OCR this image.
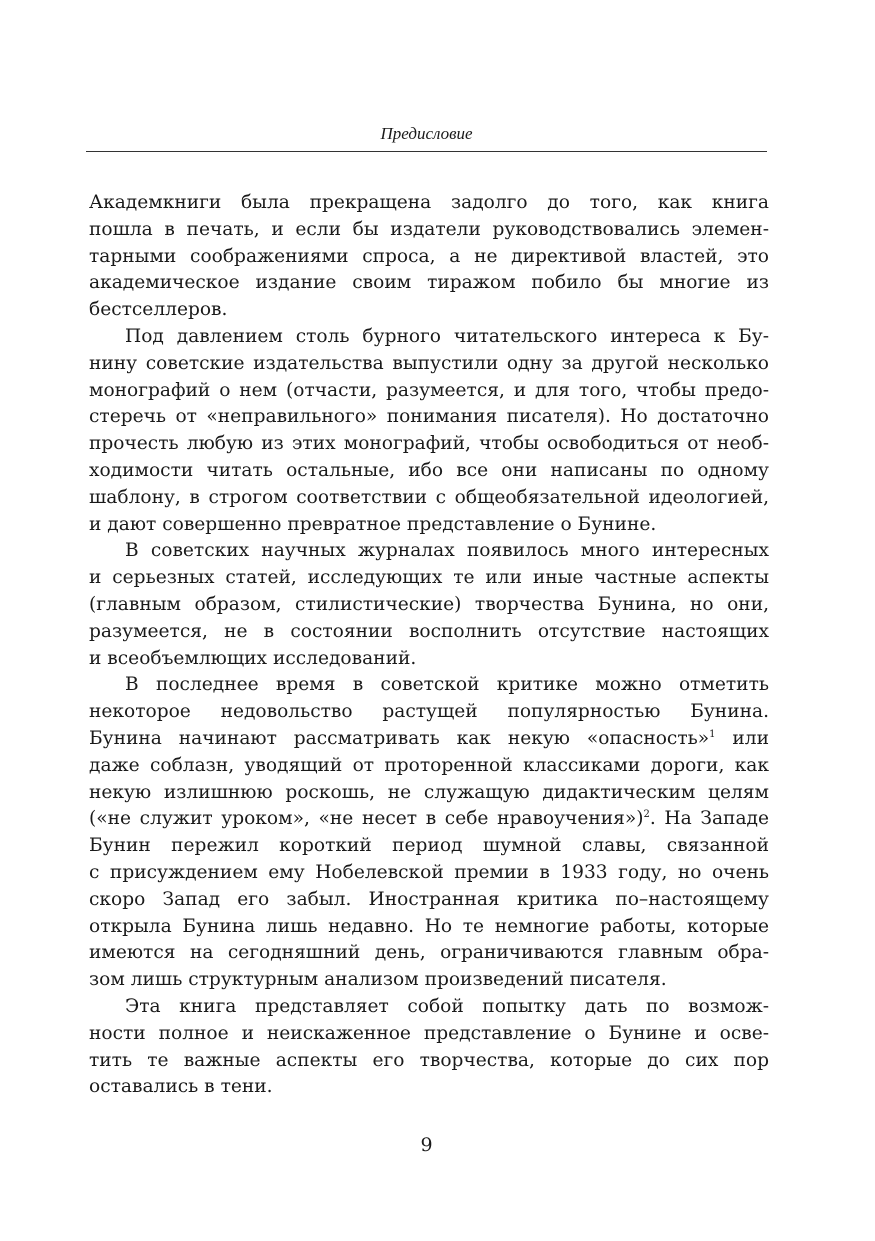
Предисловие
Академкниги была прекращена задолго до того, как книга
пошла в печать, и если бы издатели руководствовались элемен-
тарными соображениями спроса, а не директивой властей, это
академическое издание своим тиражом побило бы многие из
бестселлеров.
Под давлением столь бурного читательского интереса к Бу-
нину советские издательства выпустили одну за другой несколько
монографий о нем (отчасти, разумеется, и для того, чтобы предо-
стеречь от «неправильного» понимания писателя). Но достаточно
прочесть любую из этих монографий, чтобы освободиться от необ-
ходимости читать остальные, ибо все они написаны по одному
шаблону, в строгом соответствии с общеобязательной идеологией,
и дают совершенно превратное представление о Бунине.
В советских научных журналах появилось много интересных
и серьезных статей, исследующих те или иные частные аспекты
(главным образом, стилистические) творчества Бунина, но они,
разумеется, не в состоянии восполнить отсутствие настоящих
и всеобъемлющих исследований.
В последнее время в советской критике можно отметить
некоторое недовольство растущей популярностью Бунина.
Бунина начинают рассматривать как некую «опасность»$^1$ или
даже соблазн, уводящий от проторенной классиками дороги, как
некую излишнюю роскошь, не служащую дидактическим целям
(«не служит уроком», «не несет в себе нравоучения»)$^2$. На Западе
Бунин пережил короткий период шумной славы, связанной
с присуждением ему Нобелевской премии в 1933 году, но очень
скоро Запад его забыл. Иностранная критика по–настоящему
открыла Бунина лишь недавно. Но те немногие работы, которые
имеются на сегодняшний день, ограничиваются главным обра-
зом лишь структурным анализом произведений писателя.
Эта книга представляет собой попытку дать по возмож-
ности полное и неискаженное представление о Бунине и осве-
тить те важные аспекты его творчества, которые до сих пор
оставались в тени.
9
